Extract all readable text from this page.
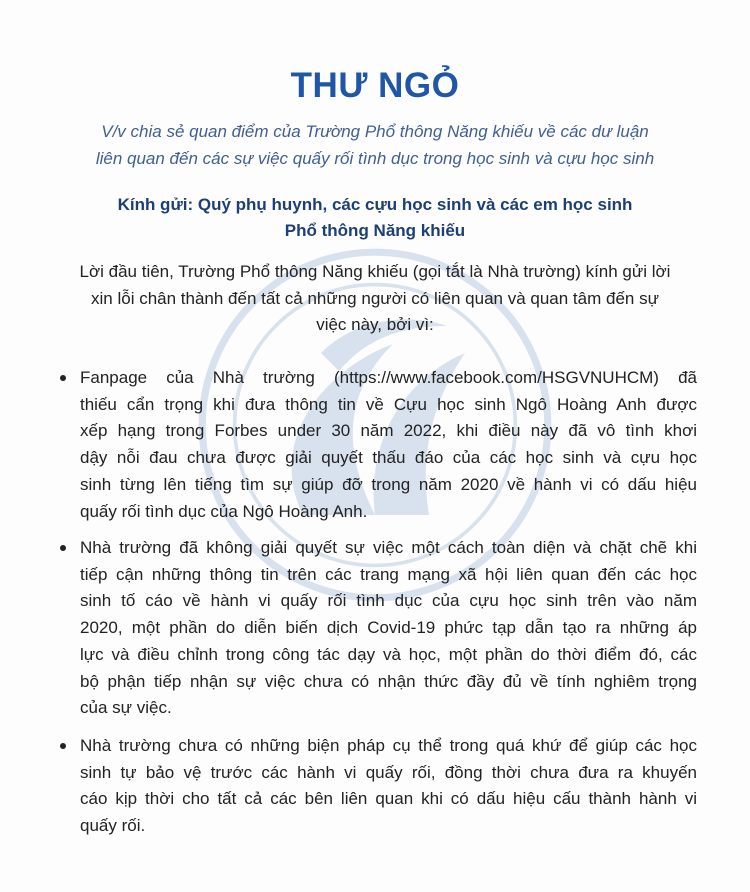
THƯ NGỎ
V/v chia sẻ quan điểm của Trường Phổ thông Năng khiếu về các dư luận
liên quan đến các sự việc quấy rối tình dục trong học sinh và cựu học sinh
Kính gửi: Quý phụ huynh, các cựu học sinh và các em học sinh
Phổ thông Năng khiếu
Lời đầu tiên, Trường Phổ thông Năng khiếu (gọi tắt là Nhà trường) kính gửi lời
xin lỗi chân thành đến tất cả những người có liên quan và quan tâm đến sự
việc này, bởi vì:
Fanpage của Nhà trường (https://www.facebook.com/HSGVNUHCM) đã
thiếu cẩn trọng khi đưa thông tin về Cựu học sinh Ngô Hoàng Anh được
xếp hạng trong Forbes under 30 năm 2022, khi điều này đã vô tình khơi
dậy nỗi đau chưa được giải quyết thấu đáo của các học sinh và cựu học
sinh từng lên tiếng tìm sự giúp đỡ trong năm 2020 về hành vi có dấu hiệu
quấy rối tình dục của Ngô Hoàng Anh.
Nhà trường đã không giải quyết sự việc một cách toàn diện và chặt chẽ khi
tiếp cận những thông tin trên các trang mạng xã hội liên quan đến các học
sinh tố cáo về hành vi quấy rối tình dục của cựu học sinh trên vào năm
2020, một phần do diễn biến dịch Covid-19 phức tạp dẫn tạo ra những áp
lực và điều chỉnh trong công tác dạy và học, một phần do thời điểm đó, các
bộ phận tiếp nhận sự việc chưa có nhận thức đầy đủ về tính nghiêm trọng
của sự việc.
Nhà trường chưa có những biện pháp cụ thể trong quá khứ để giúp các học
sinh tự bảo vệ trước các hành vi quấy rối, đồng thời chưa đưa ra khuyến
cáo kịp thời cho tất cả các bên liên quan khi có dấu hiệu cấu thành hành vi
quấy rối.
